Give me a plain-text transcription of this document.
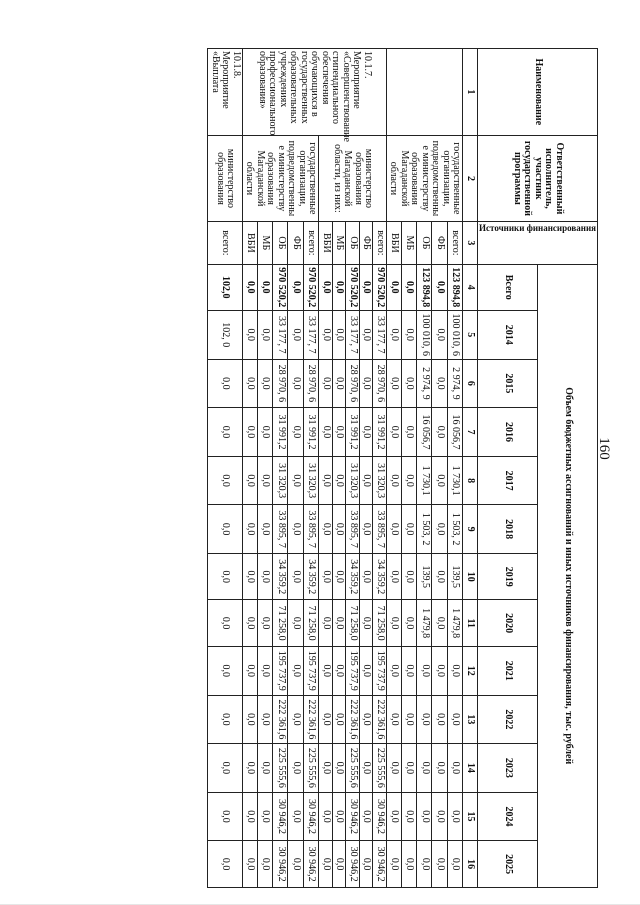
160
Наименование	Ответственный исполнитель, участник государственной программы	Источники финансирования	Объем бюджетных ассигнований и иных источников финансирования, тыс. рублей												
			Всего	2014	2015	2016	2017	2018	2019	2020	2021	2022	2023	2024	2025
1	2	3	4	5	6	7	8	9	10	11	12	13	14	15	16
	государственные организации, подведомственны е министерству образования Магаданской области	всего:	123 894,8	100 010, 6	2 974, 9	16 056,7	1 730,1	1 503, 2	139,5	1 479,8	0,0	0,0	0,0	0,0	0,0
		ФБ	0,0	0,0	0,0	0,0	0,0	0,0	0,0	0,0	0,0	0,0	0,0	0,0	0,0
		ОБ	123 894,8	100 010, 6	2 974, 9	16 056,7	1 730,1	1 503, 2	139,5	1 479,8	0,0	0,0	0,0	0,0	0,0
		МБ	0,0	0,0	0,0	0,0	0,0	0,0	0,0	0,0	0,0	0,0	0,0	0,0	0,0
		ВБИ	0,0	0,0	0,0	0,0	0,0	0,0	0,0	0,0	0,0	0,0	0,0	0,0	0,0
10.1.7. Мероприятие «Совершенствование стипендиального обеспечения обучающихся в государственных образовательных учреждениях профессионального образования»	министерство образования Магаданской области, из них:	всего:	970 520,2	33 177, 7	28 970, 6	31 991,2	31 320,3	33 895, 7	34 359,2	71 258,0	195 737,9	222 361,6	225 555,6	30 946,2	30 946,2
		ФБ	0,0	0,0	0,0	0,0	0,0	0,0	0,0	0,0	0,0	0,0	0,0	0,0	0,0
		ОБ	970 520,2	33 177, 7	28 970, 6	31 991,2	31 320,3	33 895, 7	34 359,2	71 258,0	195 737,9	222 361,6	225 555,6	30 946,2	30 946,2
		МБ	0,0	0,0	0,0	0,0	0,0	0,0	0,0	0,0	0,0	0,0	0,0	0,0	0,0
		ВБИ	0,0	0,0	0,0	0,0	0,0	0,0	0,0	0,0	0,0	0,0	0,0	0,0	0,0
	государственные организации, подведомственны е министерству образования Магаданской области	всего:	970 520,2	33 177, 7	28 970, 6	31 991,2	31 320,3	33 895, 7	34 359,2	71 258,0	195 737,9	222 361,6	225 555,6	30 946,2	30 946,2
		ФБ	0,0	0,0	0,0	0,0	0,0	0,0	0,0	0,0	0,0	0,0	0,0	0,0	0,0
		ОБ	970 520,2	33 177, 7	28 970, 6	31 991,2	31 320,3	33 895, 7	34 359,2	71 258,0	195 737,9	222 361,6	225 555,6	30 946,2	30 946,2
		МБ	0,0	0,0	0,0	0,0	0,0	0,0	0,0	0,0	0,0	0,0	0,0	0,0	0,0
		ВБИ	0,0	0,0	0,0	0,0	0,0	0,0	0,0	0,0	0,0	0,0	0,0	0,0	0,0
10.1.8. Мероприятие «Выплата	министерство образования	всего:	102,0	102, 0	0,0	0,0	0,0	0,0	0,0	0,0	0,0	0,0	0,0	0,0	0,0
